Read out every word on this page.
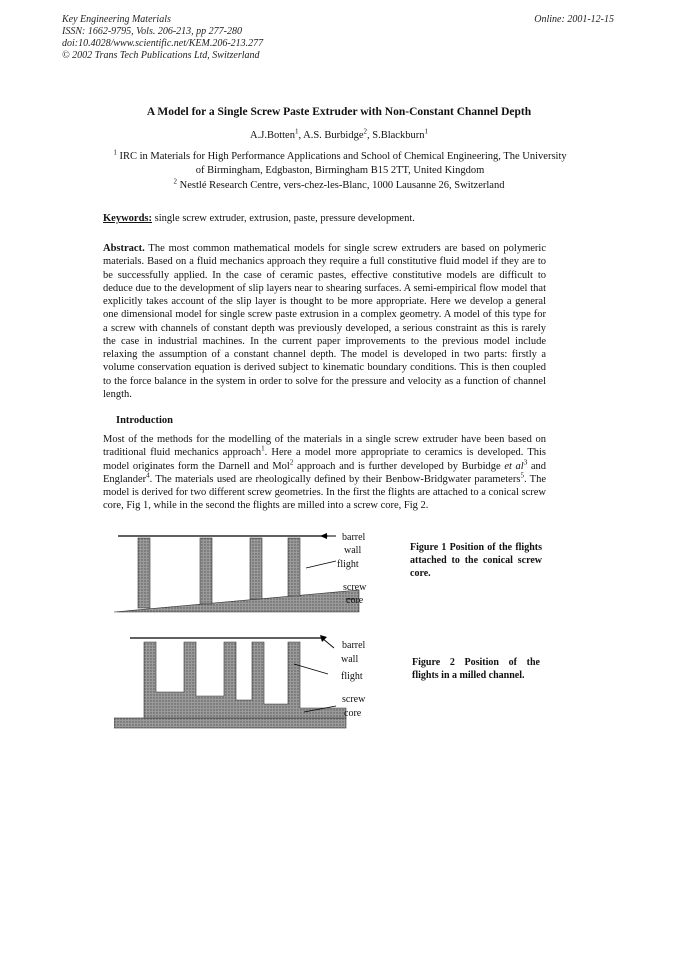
Key Engineering Materials
ISSN: 1662-9795, Vols. 206-213, pp 277-280
doi:10.4028/www.scientific.net/KEM.206-213.277
© 2002 Trans Tech Publications Ltd, Switzerland
Online: 2001-12-15
A Model for a Single Screw Paste Extruder with Non-Constant Channel Depth
A.J.Botten$^1$, A.S. Burbidge$^2$, S.Blackburn$^1$
$^1$ IRC in Materials for High Performance Applications and School of Chemical Engineering, The University of Birmingham, Edgbaston, Birmingham B15 2TT, United Kingdom
$^2$ Nestlé Research Centre, vers-chez-les-Blanc, 1000 Lausanne 26, Switzerland
Keywords: single screw extruder, extrusion, paste, pressure development.
Abstract. The most common mathematical models for single screw extruders are based on polymeric materials. Based on a fluid mechanics approach they require a full constitutive fluid model if they are to be successfully applied. In the case of ceramic pastes, effective constitutive models are difficult to deduce due to the development of slip layers near to shearing surfaces. A semi-empirical flow model that explicitly takes account of the slip layer is thought to be more appropriate. Here we develop a general one dimensional model for single screw paste extrusion in a complex geometry. A model of this type for a screw with channels of constant depth was previously developed, a serious constraint as this is rarely the case in industrial machines. In the current paper improvements to the previous model include relaxing the assumption of a constant channel depth. The model is developed in two parts: firstly a volume conservation equation is derived subject to kinematic boundary conditions. This is then coupled to the force balance in the system in order to solve for the pressure and velocity as a function of channel length.
Introduction
Most of the methods for the modelling of the materials in a single screw extruder have been based on traditional fluid mechanics approach$^1$. Here a model more appropriate to ceramics is developed. This model originates form the Darnell and Mol$^2$ approach and is further developed by Burbidge et $al^3$ and Englander$^4$. The materials used are rheologically defined by their Benbow-Bridgwater parameters$^5$. The model is derived for two different screw geometries. In the first the flights are attached to a conical screw core, Fig 1, while in the second the flights are milled into a screw core, Fig 2.
barrel
wall
flight
screw
core
Figure 1 Position of the flights attached to the conical screw core.
barrel
wall
flight
screw
core
Figure 2 Position of the flights in a milled channel.
